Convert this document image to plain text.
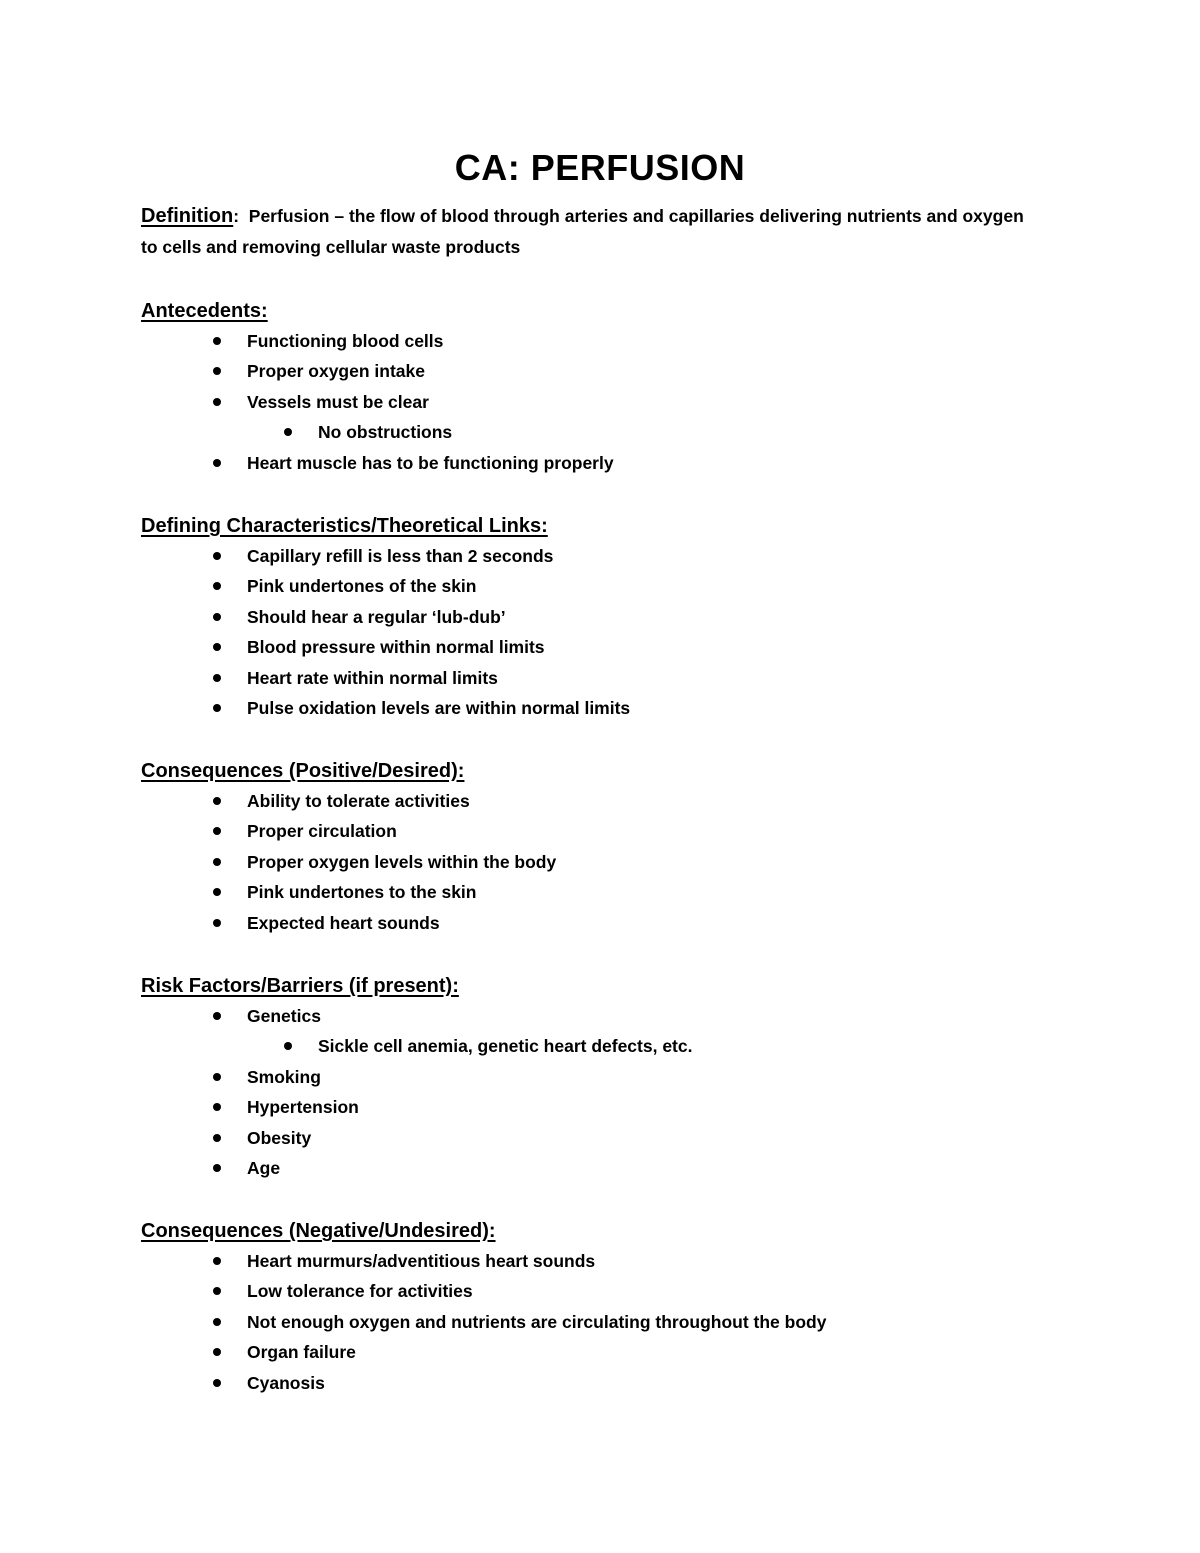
CA: PERFUSION
Definition:  Perfusion – the flow of blood through arteries and capillaries delivering nutrients and oxygen to cells and removing cellular waste products
Antecedents:
Functioning blood cells
Proper oxygen intake
Vessels must be clear
No obstructions
Heart muscle has to be functioning properly
Defining Characteristics/Theoretical Links:
Capillary refill is less than 2 seconds
Pink undertones of the skin
Should hear a regular ‘lub-dub’
Blood pressure within normal limits
Heart rate within normal limits
Pulse oxidation levels are within normal limits
Consequences (Positive/Desired):
Ability to tolerate activities
Proper circulation
Proper oxygen levels within the body
Pink undertones to the skin
Expected heart sounds
Risk Factors/Barriers (if present):
Genetics
Sickle cell anemia, genetic heart defects, etc.
Smoking
Hypertension
Obesity
Age
Consequences (Negative/Undesired):
Heart murmurs/adventitious heart sounds
Low tolerance for activities
Not enough oxygen and nutrients are circulating throughout the body
Organ failure
Cyanosis
